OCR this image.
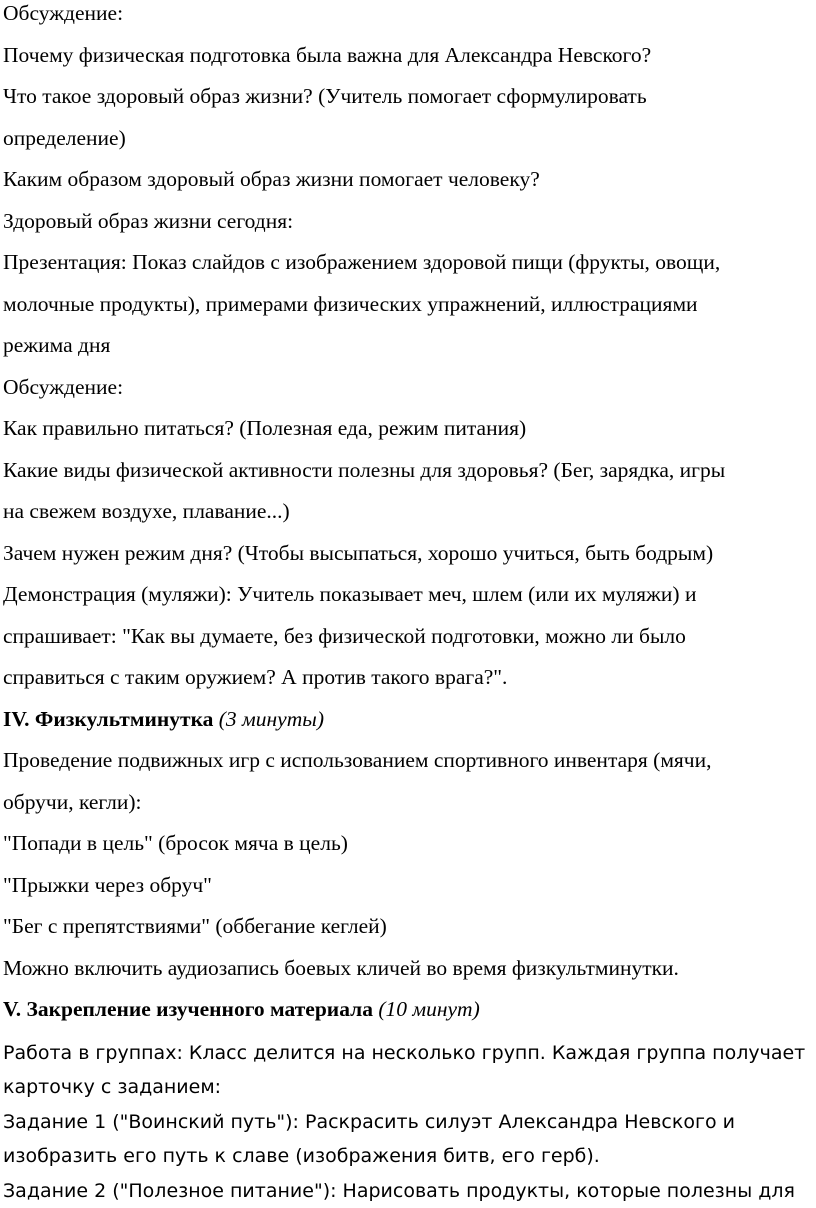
Обсуждение:

Почему физическая подготовка была важна для Александра Невского?

Что такое здоровый образ жизни? (Учитель помогает сформулировать

определение)

Каким образом здоровый образ жизни помогает человеку?

Здоровый образ жизни сегодня:

Презентация: Показ слайдов с изображением здоровой пищи (фрукты, овощи,

молочные продукты), примерами физических упражнений, иллюстрациями

режима дня

Обсуждение:

Как правильно питаться? (Полезная еда, режим питания)

Какие виды физической активности полезны для здоровья? (Бег, зарядка, игры

на свежем воздухе, плавание...)

Зачем нужен режим дня? (Чтобы высыпаться, хорошо учиться, быть бодрым)

Демонстрация (муляжи): Учитель показывает меч, шлем (или их муляжи) и

спрашивает: "Как вы думаете, без физической подготовки, можно ли было

справиться с таким оружием? А против такого врага?".

IV. Физкультминутка (3 минуты)

Проведение подвижных игр с использованием спортивного инвентаря (мячи,

обручи, кегли):

"Попади в цель" (бросок мяча в цель)

"Прыжки через обруч"

"Бег с препятствиями" (оббегание кеглей)

Можно включить аудиозапись боевых кличей во время физкультминутки.

V. Закрепление изученного материала (10 минут)

Работа в группах: Класс делится на несколько групп. Каждая группа получает

карточку с заданием:

Задание 1 ("Воинский путь"): Раскрасить силуэт Александра Невского и

изобразить его путь к славе (изображения битв, его герб).

Задание 2 ("Полезное питание"): Нарисовать продукты, которые полезны для
